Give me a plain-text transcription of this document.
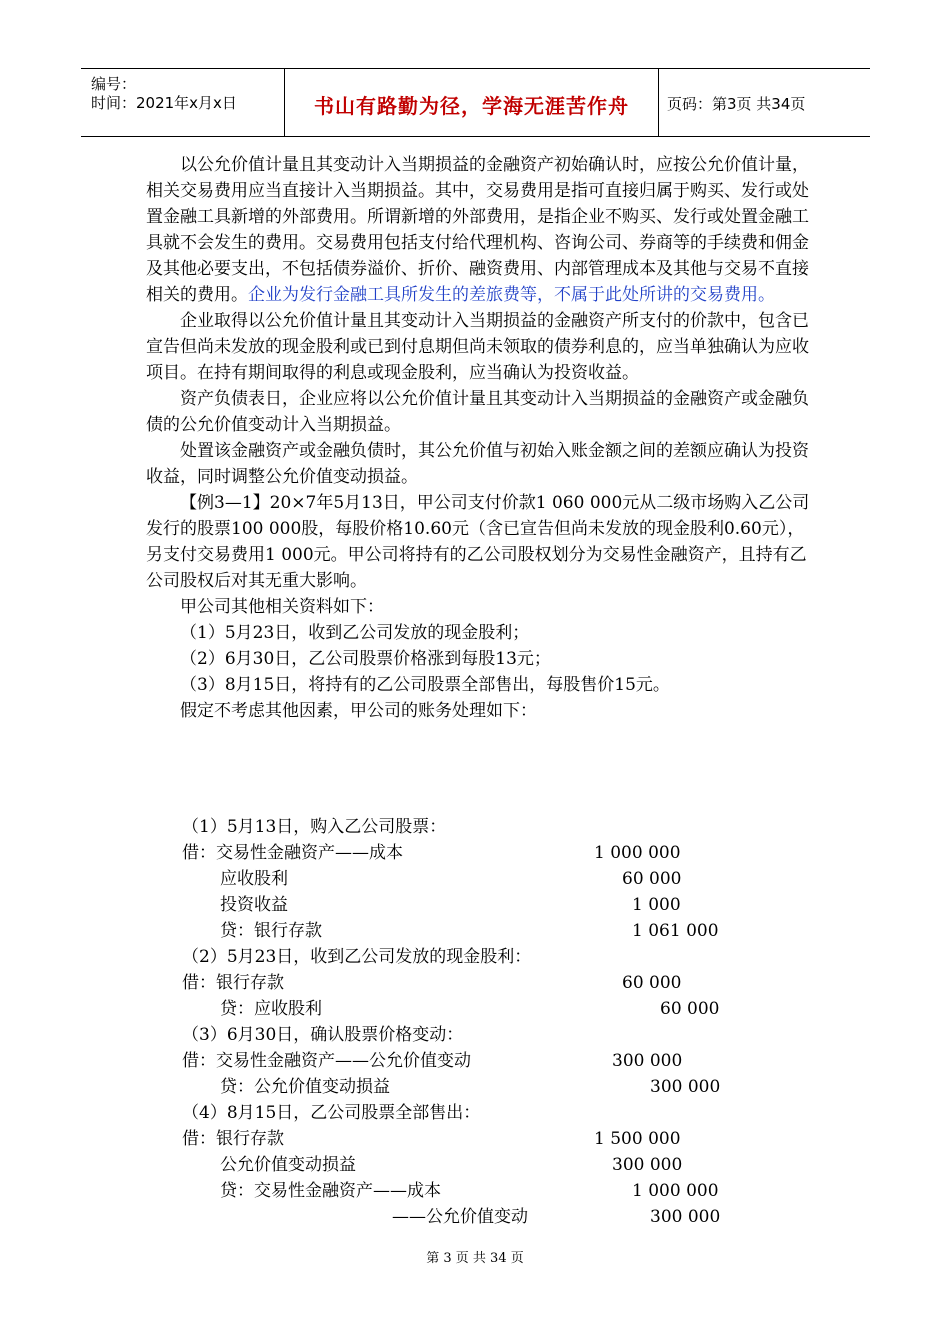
编号：
时间：2021年x月x日	书山有路勤为径，学海无涯苦作舟	页码：第3页 共34页

以公允价值计量且其变动计入当期损益的金融资产初始确认时，应按公允价值计量，相关交易费用应当直接计入当期损益。其中，交易费用是指可直接归属于购买、发行或处置金融工具新增的外部费用。所谓新增的外部费用，是指企业不购买、发行或处置金融工具就不会发生的费用。交易费用包括支付给代理机构、咨询公司、券商等的手续费和佣金及其他必要支出，不包括债券溢价、折价、融资费用、内部管理成本及其他与交易不直接相关的费用。企业为发行金融工具所发生的差旅费等，不属于此处所讲的交易费用。

企业取得以公允价值计量且其变动计入当期损益的金融资产所支付的价款中，包含已宣告但尚未发放的现金股利或已到付息期但尚未领取的债券利息的，应当单独确认为应收项目。在持有期间取得的利息或现金股利，应当确认为投资收益。

资产负债表日，企业应将以公允价值计量且其变动计入当期损益的金融资产或金融负债的公允价值变动计入当期损益。

处置该金融资产或金融负债时，其公允价值与初始入账金额之间的差额应确认为投资收益，同时调整公允价值变动损益。

【例3—1】20×7年5月13日，甲公司支付价款1 060 000元从二级市场购入乙公司发行的股票100 000股，每股价格10.60元（含已宣告但尚未发放的现金股利0.60元），另支付交易费用1 000元。甲公司将持有的乙公司股权划分为交易性金融资产，且持有乙公司股权后对其无重大影响。

甲公司其他相关资料如下：

（1）5月23日，收到乙公司发放的现金股利；

（2）6月30日，乙公司股票价格涨到每股13元；

（3）8月15日，将持有的乙公司股票全部售出，每股售价15元。

假定不考虑其他因素，甲公司的账务处理如下：

（1）5月13日，购入乙公司股票：
借：交易性金融资产——成本	1 000 000
应收股利	60 000
投资收益	1 000
贷：银行存款	1 061 000
（2）5月23日，收到乙公司发放的现金股利：
借：银行存款	60 000
贷：应收股利	60 000
（3）6月30日，确认股票价格变动：
借：交易性金融资产——公允价值变动	300 000
贷：公允价值变动损益	300 000
（4）8月15日，乙公司股票全部售出：
借：银行存款	1 500 000
公允价值变动损益	300 000
贷：交易性金融资产——成本	1 000 000
——公允价值变动	300 000
第 3 页 共 34 页
